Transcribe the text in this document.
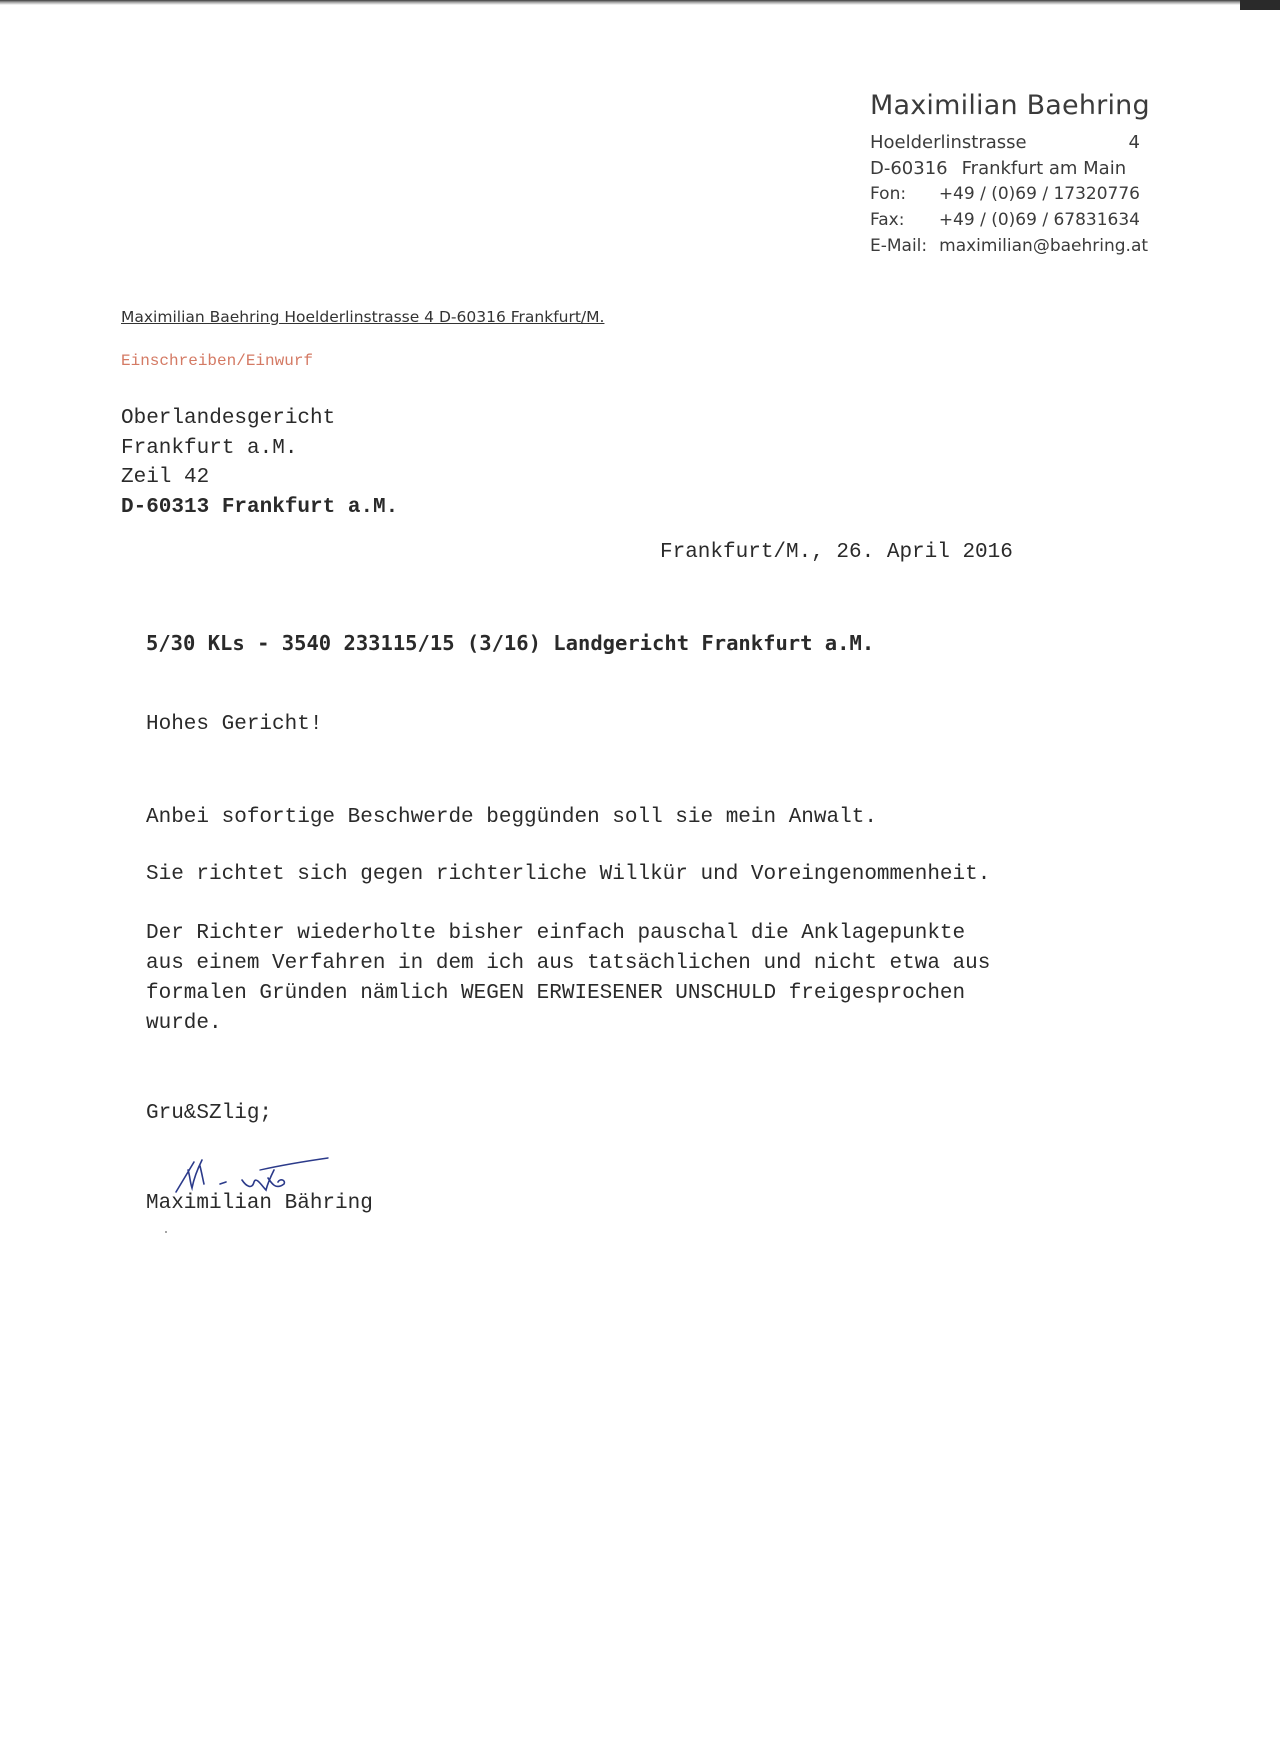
Maximilian Baehring
Hoelderlinstrasse	4
D-60316 Frankfurt am Main
Fon:	+49 / (0)69 / 17320776
Fax:	+49 / (0)69 / 67831634
E-Mail: maximilian@baehring.at
Maximilian Baehring Hoelderlinstrasse 4 D-60316 Frankfurt/M.
Einschreiben/Einwurf
Oberlandesgericht
Frankfurt a.M.
Zeil 42
D-60313 Frankfurt a.M.
Frankfurt/M., 26. April 2016
5/30 KLs - 3540 233115/15 (3/16) Landgericht Frankfurt a.M.
Hohes Gericht!
Anbei sofortige Beschwerde beggünden soll sie mein Anwalt.
Sie richtet sich gegen richterliche Willkür und Voreingenommenheit.
Der Richter wiederholte bisher einfach pauschal die Anklagepunkte
aus einem Verfahren in dem ich aus tatsächlichen und nicht etwa aus
formalen Gründen nämlich WEGEN ERWIESENER UNSCHULD freigesprochen
wurde.
Gru&SZlig;
Maximilian Bähring
